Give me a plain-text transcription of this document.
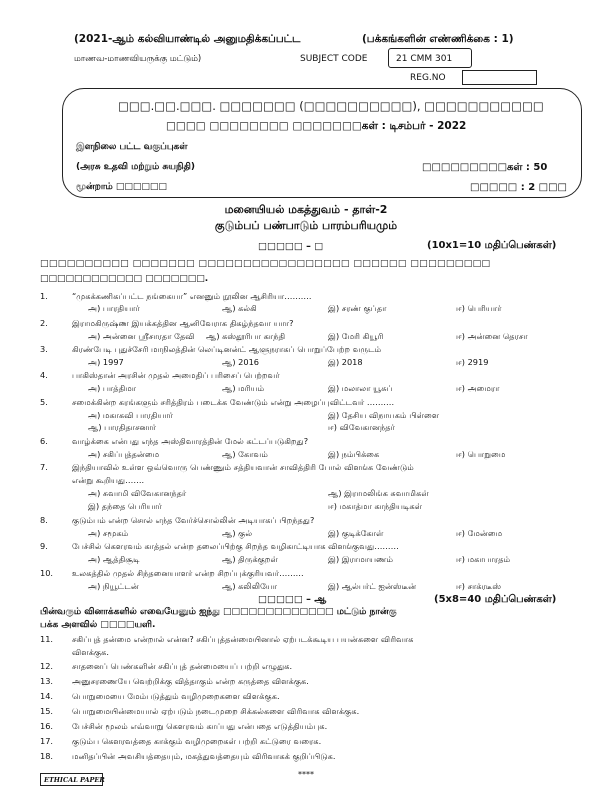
(2021-ஆம் கல்வியாண்டில் அனுமதிக்கப்பட்ட	(பக்கங்களின் எண்ணிக்கை : 1)
மாணவ-மாணவியருக்கு மட்டும்)	SUBJECT CODE	21 CMM 301
REG.NO
□□□.□□.□□□. □□□□□□□ (□□□□□□□□□□), □□□□□□□□□□□
□□□□ □□□□□□□□ □□□□□□□கள் : டிசம்பர் - 2022
இளநிலை பட்ட வகுப்புகள்
(அரசு உதவி மற்றும் சுயநிதி)	□□□□□□□□□கள் : 50
மூன்றாம் □□□□□□	□□□□□ : 2 □□□
மனையியல் மகத்துவம் - தாள்-2
குடும்பப் பண்பாடும் பாரம்பரியமும்
□□□□□ – □	(10x1=10 மதிப்பெண்கள்)
□□□□□□□□□□ □□□□□□□ □□□□□□□□□□□□□□□□□ □□□□□□ □□□□□□□□□
□□□□□□□□□□□□ □□□□□□□.
1.	“முகக்கணிகப்பட்ட நங்கையா” எனனும் நூலின ஆசிரியா……….
அ) பாரதியார்	ஆ) கல்கி	இ) சரண் குப்தா	ஈ) பெரியார்
2.	இராமகிருஷ்ண இயக்கத்தின ஆனிவேராக திகழ்ந்தவா யாா?
அ) அன்னை ஸ்ரீசாரதா தேவி ஆ) கஸ்தூரிபா காந்தி	இ) மேரி கியூரி	ஈ) அன்னை தெரசா
3.	கிரண்பேடி புதுச்சேரி மாநிலத்தின் லெப்டினன்ட் ஆளுநராகப் பொறுப்பேற்ற வருடம்
அ) 1997	ஆ) 2016	இ) 2018	ஈ) 2919
4.	பாகிஸ்தான் அரசின் முதல் அமைதிப் பரிசைப் பெற்றவர்
அ) பாத்திமா	ஆ) மரியம்	இ) மலாலா யூசுப்	ஈ) அமைரா
5.	சமைக்கின்ற கரங்களும் சரித்திரம் படைக்க வேண்டும் என்று அழைப்புவிட்டவர் ……….
அ) மகாகவி பாரதியார்	இ) தேசிய விநாயகம் பிள்ளை
ஆ) பாரதிதாசனார்	ஈ) விவேகானந்தர்
6.	வாழ்க்கை என்பது எந்த அஸ்திவாரத்தின் மேல் கட்டப்படுகிறது?
அ) சகிப்புத்தன்மை	ஆ) கோவம்	இ) நம்பிக்கை	ஈ) பொறுமை
7.	இந்தியாவில் உள்ள ஒவ்வொரு பெண்ணும் சத்தியவான் சாவித்திரி போல் விளங்க வேண்டும்
என்று கூறியது…….
அ) சுவாமி விவேகானந்தர்	ஆ) இராமலிங்க சுவாமிகள்
இ) தந்தை பெரியார்	ஈ) மகாத்மா காந்தியடிகள்
8.	குடும்பம் என்ற சொல் எந்த வேர்ச்சொல்லின் அடியாகப் பிறந்தது?
அ) சமூகம்	ஆ) குல்	இ) குடிக்கோள்	ஈ) மேன்மை
9.	பேச்சில் கௌரவம் காத்தல் என்ற தலைப்பிற்கு சிறந்த வழிகாட்டியாக விளங்குவது………
அ) ஆத்திசூடி	ஆ) திருக்குறள்	இ) இராமாயணம்	ஈ) மகாபாரதம்
10. உலகத்தில் முதல் சிந்தனையாளர் என்ற சிறப்புக்குரியவர்………
அ) நியூட்டன்	ஆ) கலிலியோ	இ) ஆல்பர்ட் ஐன்ஸ்டீன்	ஈ) சாக்ரடீஸ்
□□□□□ – ஆ	(5x8=40 மதிப்பெண்கள்)
பின்வரும் வினாக்களில் எவையேனும் ஐந்து □□□□□□□□□□□□□ மட்டும் நான்கு
பக்க அளவில் □□□□யளி.
11. சகிப்புத் தன்மை என்றால் என்ன? சகிப்புத்தன்மையினால் ஏற்படக்கூடிய பயன்களை விரிவாக
விளக்குக.
12. சாதனைப் பெண்களின் சகிப்புத் தன்மையைப் பற்றி எழுதுக.
13. அனுசரணையே வெற்றிக்கு வித்தாகும் என்ற கருத்தை விளக்குக.
14. பொறுமையை மேம்படுத்தும் வழிமுறைகளை விளக்குக.
15. பொறுமையின்மையால் ஏற்படும் நடைமுறை சிக்கல்களை விரிவாக விளக்குக.
16. பேச்சின் மூலம் எவ்வாறு கௌரவம் காப்பது என்பதை எடுத்தியம்புக.
17. குடும்ப கௌரவத்தை காக்கும் வழிமுறைகள் பற்றி கட்டுரை வரைக.
18. மனிதப்பின் அவசியத்தையும், மகத்துவத்தையும் விரிவாகக் குறிப்பிடுக.
****
ETHICAL PAPER
